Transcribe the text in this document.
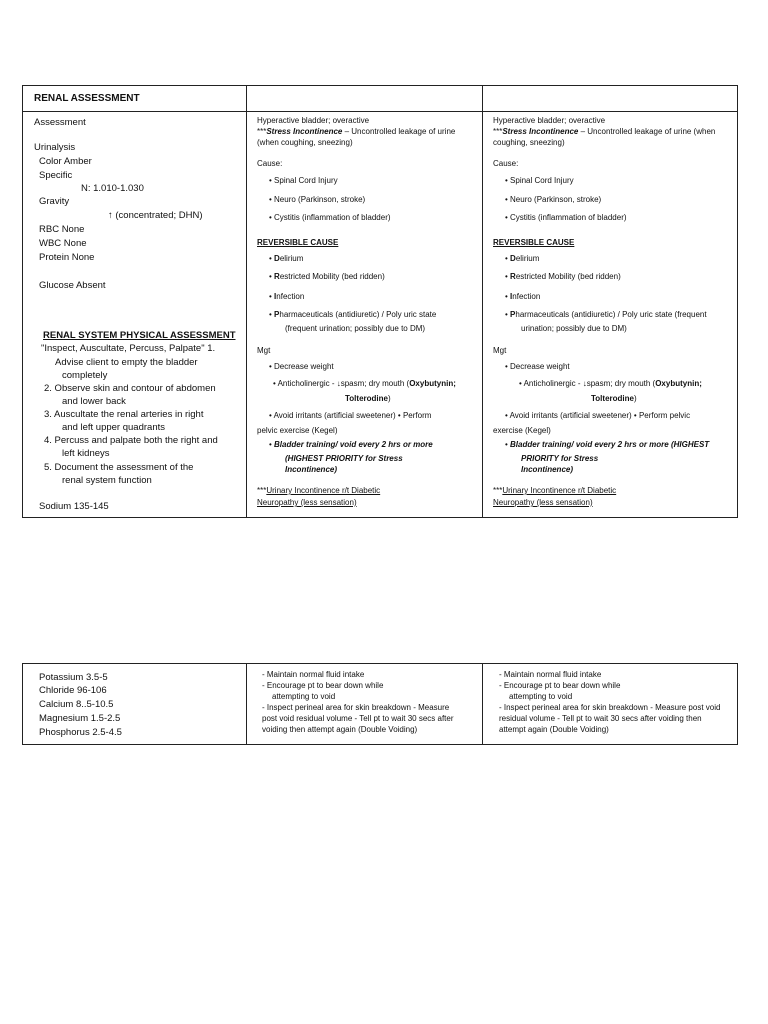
RENAL ASSESSMENT
Assessment
Urinalysis
Color Amber
Specific
N: 1.010-1.030
Gravity
↑ (concentrated; DHN)
RBC None
WBC None
Protein None
Glucose Absent
RENAL SYSTEM PHYSICAL ASSESSMENT
"Inspect, Auscultate, Percuss, Palpate" 1.
Advise client to empty the bladder
completely
2. Observe skin and contour of abdomen
and lower back
3. Auscultate the renal arteries in right
and left upper quadrants
4. Percuss and palpate both the right and
left kidneys
5. Document the assessment of the
renal system function
Sodium 135-145
Hyperactive bladder; overactive
***Stress Incontinence – Uncontrolled leakage of urine
(when coughing, sneezing)
Cause:
• Spinal Cord Injury
• Neuro (Parkinson, stroke)
• Cystitis (inflammation of bladder)
REVERSIBLE CAUSE
• Delirium
• Restricted Mobility (bed ridden)
• Infection
• Pharmaceuticals (antidiuretic) / Poly uric state
(frequent urination; possibly due to DM)
Mgt
• Decrease weight
• Anticholinergic - ↓spasm; dry mouth (Oxybutynin;
Tolterodine)
• Avoid irritants (artificial sweetener) • Perform
pelvic exercise (Kegel)
• Bladder training/ void every 2 hrs or more
(HIGHEST PRIORITY for Stress
Incontinence)
***Urinary Incontinence r/t Diabetic
Neuropathy (less sensation)
Hyperactive bladder; overactive
***Stress Incontinence – Uncontrolled leakage of urine (when
coughing, sneezing)
Cause:
• Spinal Cord Injury
• Neuro (Parkinson, stroke)
• Cystitis (inflammation of bladder)
REVERSIBLE CAUSE
• Delirium
• Restricted Mobility (bed ridden)
• Infection
• Pharmaceuticals (antidiuretic) / Poly uric state (frequent
urination; possibly due to DM)
Mgt
• Decrease weight
• Anticholinergic - ↓spasm; dry mouth (Oxybutynin;
Tolterodine)
• Avoid irritants (artificial sweetener) • Perform pelvic
exercise (Kegel)
• Bladder training/ void every 2 hrs or more (HIGHEST
PRIORITY for Stress
Incontinence)
***Urinary Incontinence r/t Diabetic
Neuropathy (less sensation)
Potassium 3.5-5
Chloride 96-106
Calcium 8..5-10.5
Magnesium 1.5-2.5
Phosphorus 2.5-4.5
- Maintain normal fluid intake
- Encourage pt to bear down while
attempting to void
- Inspect perineal area for skin breakdown - Measure
post void residual volume - Tell pt to wait 30 secs after
voiding then attempt again (Double Voiding)
- Maintain normal fluid intake
- Encourage pt to bear down while
attempting to void
- Inspect perineal area for skin breakdown - Measure post void
residual volume - Tell pt to wait 30 secs after voiding then
attempt again (Double Voiding)
